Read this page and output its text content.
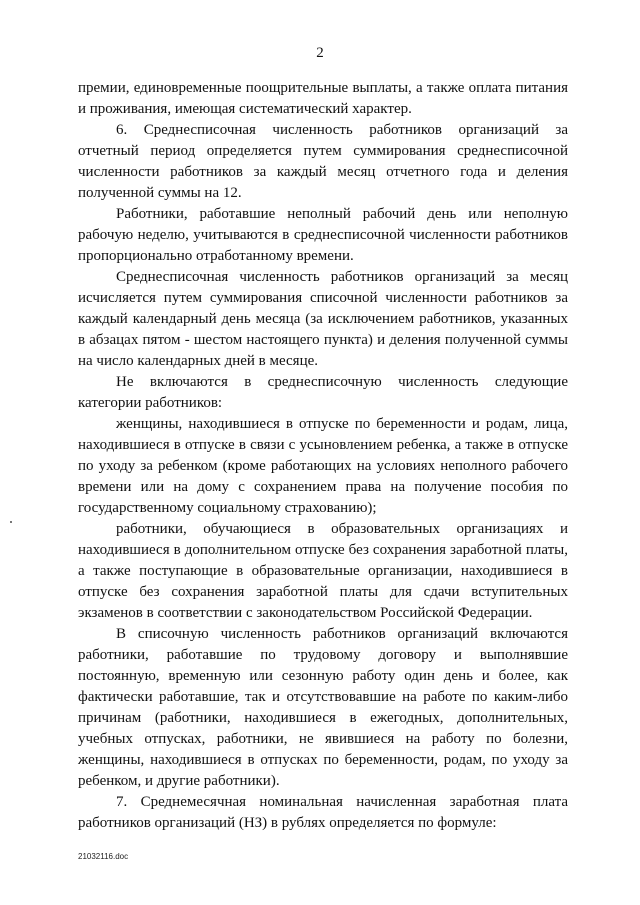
2

премии, единовременные поощрительные выплаты, а также оплата питания и проживания, имеющая систематический характер.

6. Среднесписочная численность работников организаций за отчетный период определяется путем суммирования среднесписочной численности работников за каждый месяц отчетного года и деления полученной суммы на 12.

Работники, работавшие неполный рабочий день или неполную рабочую неделю, учитываются в среднесписочной численности работников пропорционально отработанному времени.

Среднесписочная численность работников организаций за месяц исчисляется путем суммирования списочной численности работников за каждый календарный день месяца (за исключением работников, указанных в абзацах пятом - шестом настоящего пункта) и деления полученной суммы на число календарных дней в месяце.

Не включаются в среднесписочную численность следующие категории работников:

женщины, находившиеся в отпуске по беременности и родам, лица, находившиеся в отпуске в связи с усыновлением ребенка, а также в отпуске по уходу за ребенком (кроме работающих на условиях неполного рабочего времени или на дому с сохранением права на получение пособия по государственному социальному страхованию);

работники, обучающиеся в образовательных организациях и находившиеся в дополнительном отпуске без сохранения заработной платы, а также поступающие в образовательные организации, находившиеся в отпуске без сохранения заработной платы для сдачи вступительных экзаменов в соответствии с законодательством Российской Федерации.

В списочную численность работников организаций включаются работники, работавшие по трудовому договору и выполнявшие постоянную, временную или сезонную работу один день и более, как фактически работавшие, так и отсутствовавшие на работе по каким-либо причинам (работники, находившиеся в ежегодных, дополнительных, учебных отпусках, работники, не явившиеся на работу по болезни, женщины, находившиеся в отпусках по беременности, родам, по уходу за ребенком, и другие работники).

7. Среднемесячная номинальная начисленная заработная плата работников организаций (НЗ) в рублях определяется по формуле:

21032116.doc
